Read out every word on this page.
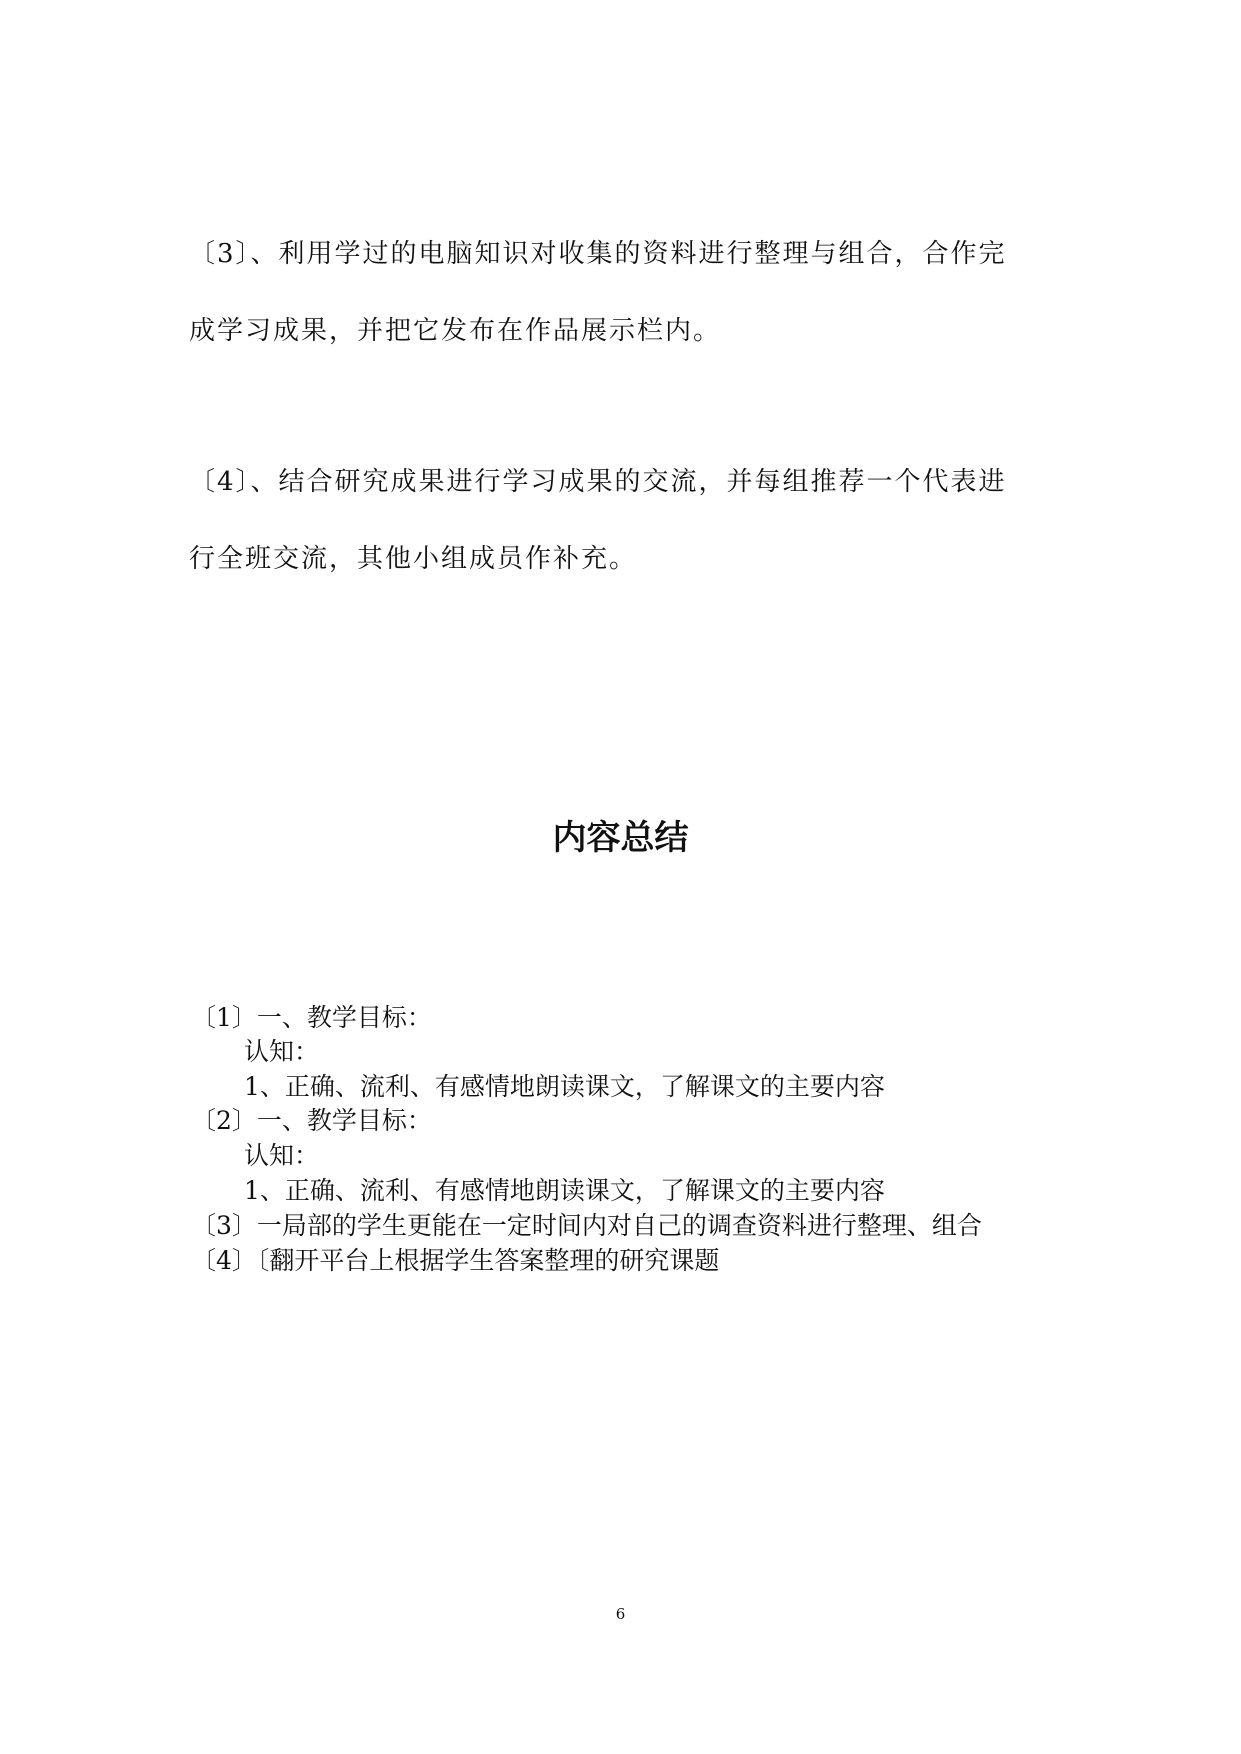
〔3〕、利用学过的电脑知识对收集的资料进行整理与组合，合作完
成学习成果，并把它发布在作品展示栏内。
〔4〕、结合研究成果进行学习成果的交流，并每组推荐一个代表进
行全班交流，其他小组成员作补充。
内容总结
〔1〕一、教学目标：
认知：
1、正确、流利、有感情地朗读课文，了解课文的主要内容
〔2〕一、教学目标：
认知：
1、正确、流利、有感情地朗读课文，了解课文的主要内容
〔3〕一局部的学生更能在一定时间内对自己的调查资料进行整理、组合
〔4〕〔翻开平台上根据学生答案整理的研究课题
6
